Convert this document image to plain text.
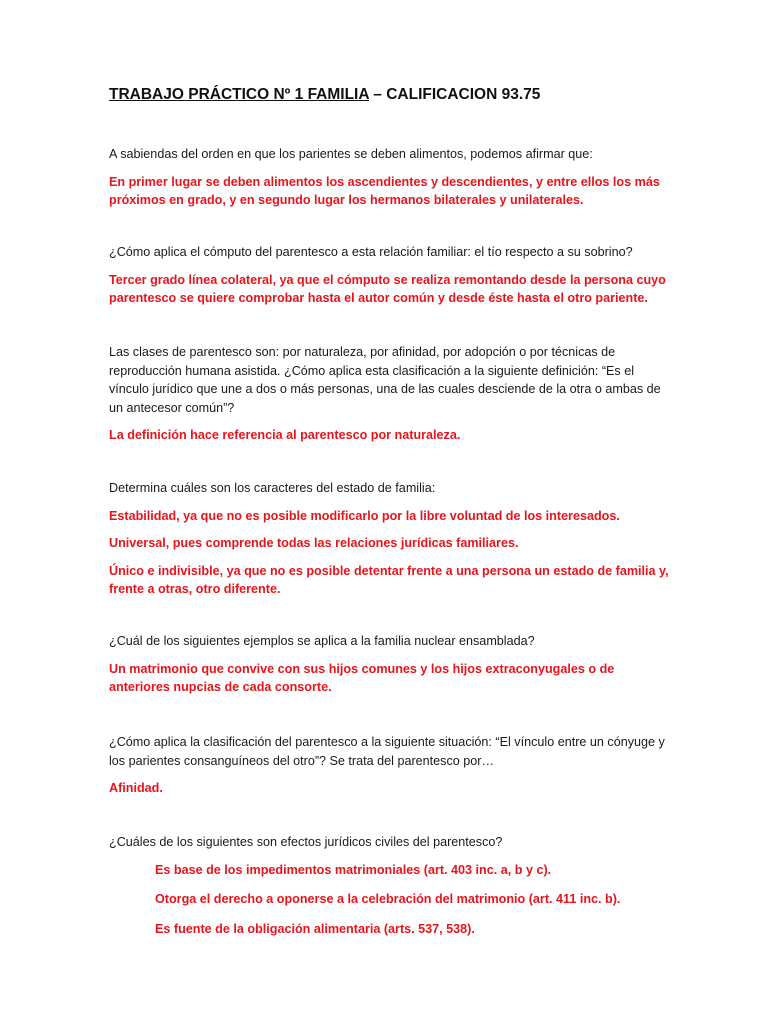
TRABAJO PRÁCTICO Nº 1 FAMILIA – CALIFICACION 93.75

A sabiendas del orden en que los parientes se deben alimentos, podemos afirmar que:

En primer lugar se deben alimentos los ascendientes y descendientes, y entre ellos los más próximos en grado, y en segundo lugar los hermanos bilaterales y unilaterales.

¿Cómo aplica el cómputo del parentesco a esta relación familiar: el tío respecto a su sobrino?

Tercer grado línea colateral, ya que el cómputo se realiza remontando desde la persona cuyo parentesco se quiere comprobar hasta el autor común y desde éste hasta el otro pariente.

Las clases de parentesco son: por naturaleza, por afinidad, por adopción o por técnicas de reproducción humana asistida. ¿Cómo aplica esta clasificación a la siguiente definición: “Es el vínculo jurídico que une a dos o más personas, una de las cuales desciende de la otra o ambas de un antecesor común”?

La definición hace referencia al parentesco por naturaleza.

Determina cuáles son los caracteres del estado de familia:

Estabilidad, ya que no es posible modificarlo por la libre voluntad de los interesados.

Universal, pues comprende todas las relaciones jurídicas familiares.

Único e indivisible, ya que no es posible detentar frente a una persona un estado de familia y, frente a otras, otro diferente.

¿Cuál de los siguientes ejemplos se aplica a la familia nuclear ensamblada?

Un matrimonio que convive con sus hijos comunes y los hijos extraconyugales o de anteriores nupcias de cada consorte.

¿Cómo aplica la clasificación del parentesco a la siguiente situación: “El vínculo entre un cónyuge y los parientes consanguíneos del otro”? Se trata del parentesco por…

Afinidad.

¿Cuáles de los siguientes son efectos jurídicos civiles del parentesco?

Es base de los impedimentos matrimoniales (art. 403 inc. a, b y c).

Otorga el derecho a oponerse a la celebración del matrimonio (art. 411 inc. b).

Es fuente de la obligación alimentaria (arts. 537, 538).
